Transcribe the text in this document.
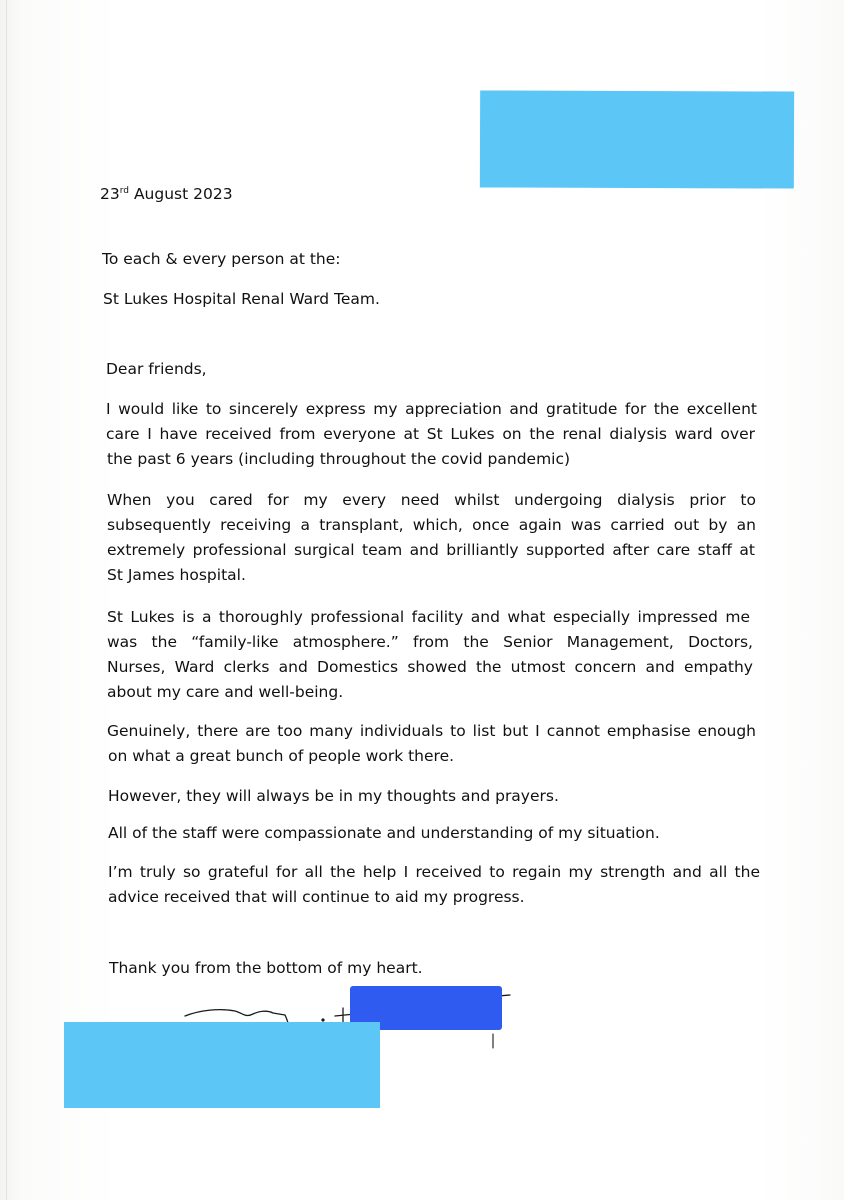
23rd August 2023
To each & every person at the:
St Lukes Hospital Renal Ward Team.
Dear friends,
I would like to sincerely express my appreciation and gratitude for the excellent
care I have received from everyone at St Lukes on the renal dialysis ward over
the past 6 years (including throughout the covid pandemic)
When you cared for my every need whilst undergoing dialysis prior to
subsequently receiving a transplant, which, once again was carried out by an
extremely professional surgical team and brilliantly supported after care staff at
St James hospital.
St Lukes is a thoroughly professional facility and what especially impressed me
was the “family-like atmosphere.” from the Senior Management, Doctors,
Nurses, Ward clerks and Domestics showed the utmost concern and empathy
about my care and well-being.
Genuinely, there are too many individuals to list but I cannot emphasise enough
on what a great bunch of people work there.
However, they will always be in my thoughts and prayers.
All of the staff were compassionate and understanding of my situation.
I’m truly so grateful for all the help I received to regain my strength and all the
advice received that will continue to aid my progress.
Thank you from the bottom of my heart.
